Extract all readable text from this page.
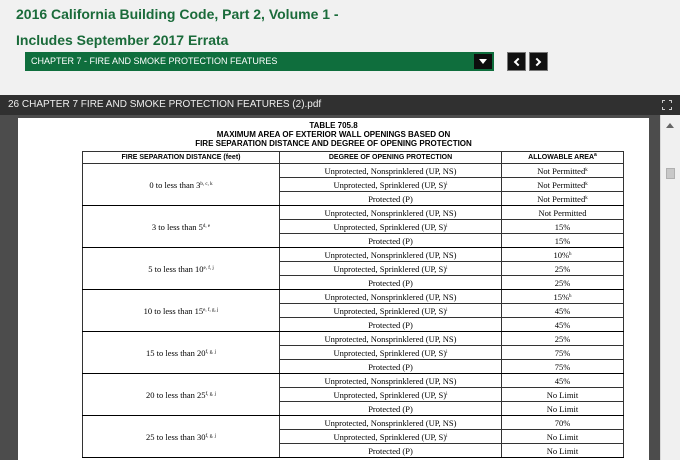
2016 California Building Code, Part 2, Volume 1 -
Includes September 2017 Errata
CHAPTER 7 - FIRE AND SMOKE PROTECTION FEATURES
26 CHAPTER 7 FIRE AND SMOKE PROTECTION FEATURES (2).pdf
TABLE 705.8
MAXIMUM AREA OF EXTERIOR WALL OPENINGS BASED ON
FIRE SEPARATION DISTANCE AND DEGREE OF OPENING PROTECTION
FIRE SEPARATION DISTANCE (feet)	DEGREE OF OPENING PROTECTION	ALLOWABLE AREA$^a$
0 to less than 3$^{b, c, k}$	Unprotected, Nonsprinklered (UP, NS)	Not Permitted$^k$
	Unprotected, Sprinklered (UP, S)$^i$	Not Permitted$^k$
	Protected (P)	Not Permitted$^k$
3 to less than 5$^{d, e}$	Unprotected, Nonsprinklered (UP, NS)	Not Permitted
	Unprotected, Sprinklered (UP, S)$^i$	15%
	Protected (P)	15%
5 to less than 10$^{e, f, j}$	Unprotected, Nonsprinklered (UP, NS)	10%$^h$
	Unprotected, Sprinklered (UP, S)$^i$	25%
	Protected (P)	25%
10 to less than 15$^{e, f, g, j}$	Unprotected, Nonsprinklered (UP, NS)	15%$^h$
	Unprotected, Sprinklered (UP, S)$^i$	45%
	Protected (P)	45%
15 to less than 20$^{f, g, j}$	Unprotected, Nonsprinklered (UP, NS)	25%
	Unprotected, Sprinklered (UP, S)$^i$	75%
	Protected (P)	75%
20 to less than 25$^{f, g, j}$	Unprotected, Nonsprinklered (UP, NS)	45%
	Unprotected, Sprinklered (UP, S)$^i$	No Limit
	Protected (P)	No Limit
25 to less than 30$^{f, g, j}$	Unprotected, Nonsprinklered (UP, NS)	70%
	Unprotected, Sprinklered (UP, S)$^i$	No Limit
	Protected (P)	No Limit
